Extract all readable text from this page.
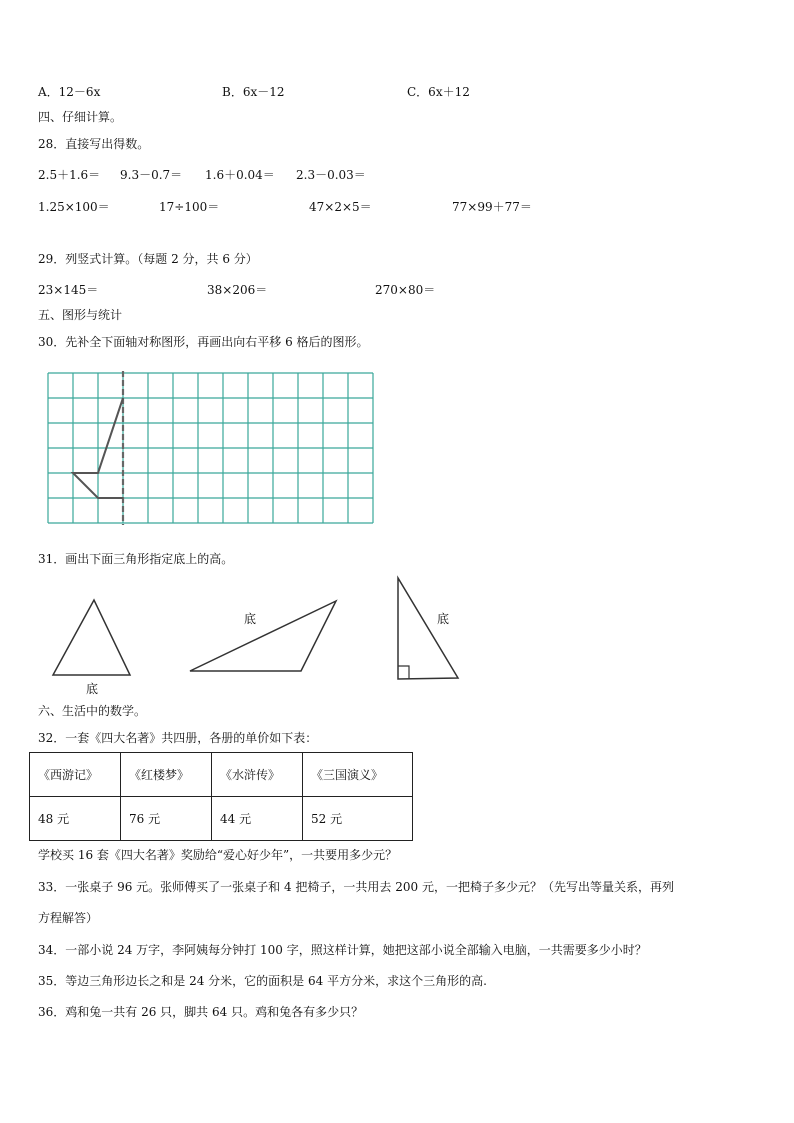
A．12－6x	B．6x－12	C．6x＋12
四、仔细计算。
28．直接写出得数。
2.5＋1.6＝ 9.3－0.7＝ 1.6＋0.04＝ 2.3－0.03＝
1.25×100＝	17÷100＝	47×2×5＝	77×99＋77＝
29．列竖式计算。（每题 2 分，共 6 分）
23×145＝	38×206＝	270×80＝
五、图形与统计
30．先补全下面轴对称图形，再画出向右平移 6 格后的图形。
31．画出下面三角形指定底上的高。
底
底	底
六、生活中的数学。
32．一套《四大名著》共四册，各册的单价如下表：
《西游记》	《红楼梦》	《水浒传》	《三国演义》
48 元	76 元	44 元	52 元
学校买 16 套《四大名著》奖励给“爱心好少年”，一共要用多少元？
33．一张桌子 96 元。张师傅买了一张桌子和 4 把椅子，一共用去 200 元，一把椅子多少元？（先写出等量关系，再列
方程解答）
34．一部小说 24 万字，李阿姨每分钟打 100 字，照这样计算，她把这部小说全部输入电脑，一共需要多少小时？
35．等边三角形边长之和是 24 分米，它的面积是 64 平方分米，求这个三角形的高.
36．鸡和兔一共有 26 只，脚共 64 只。鸡和兔各有多少只？
